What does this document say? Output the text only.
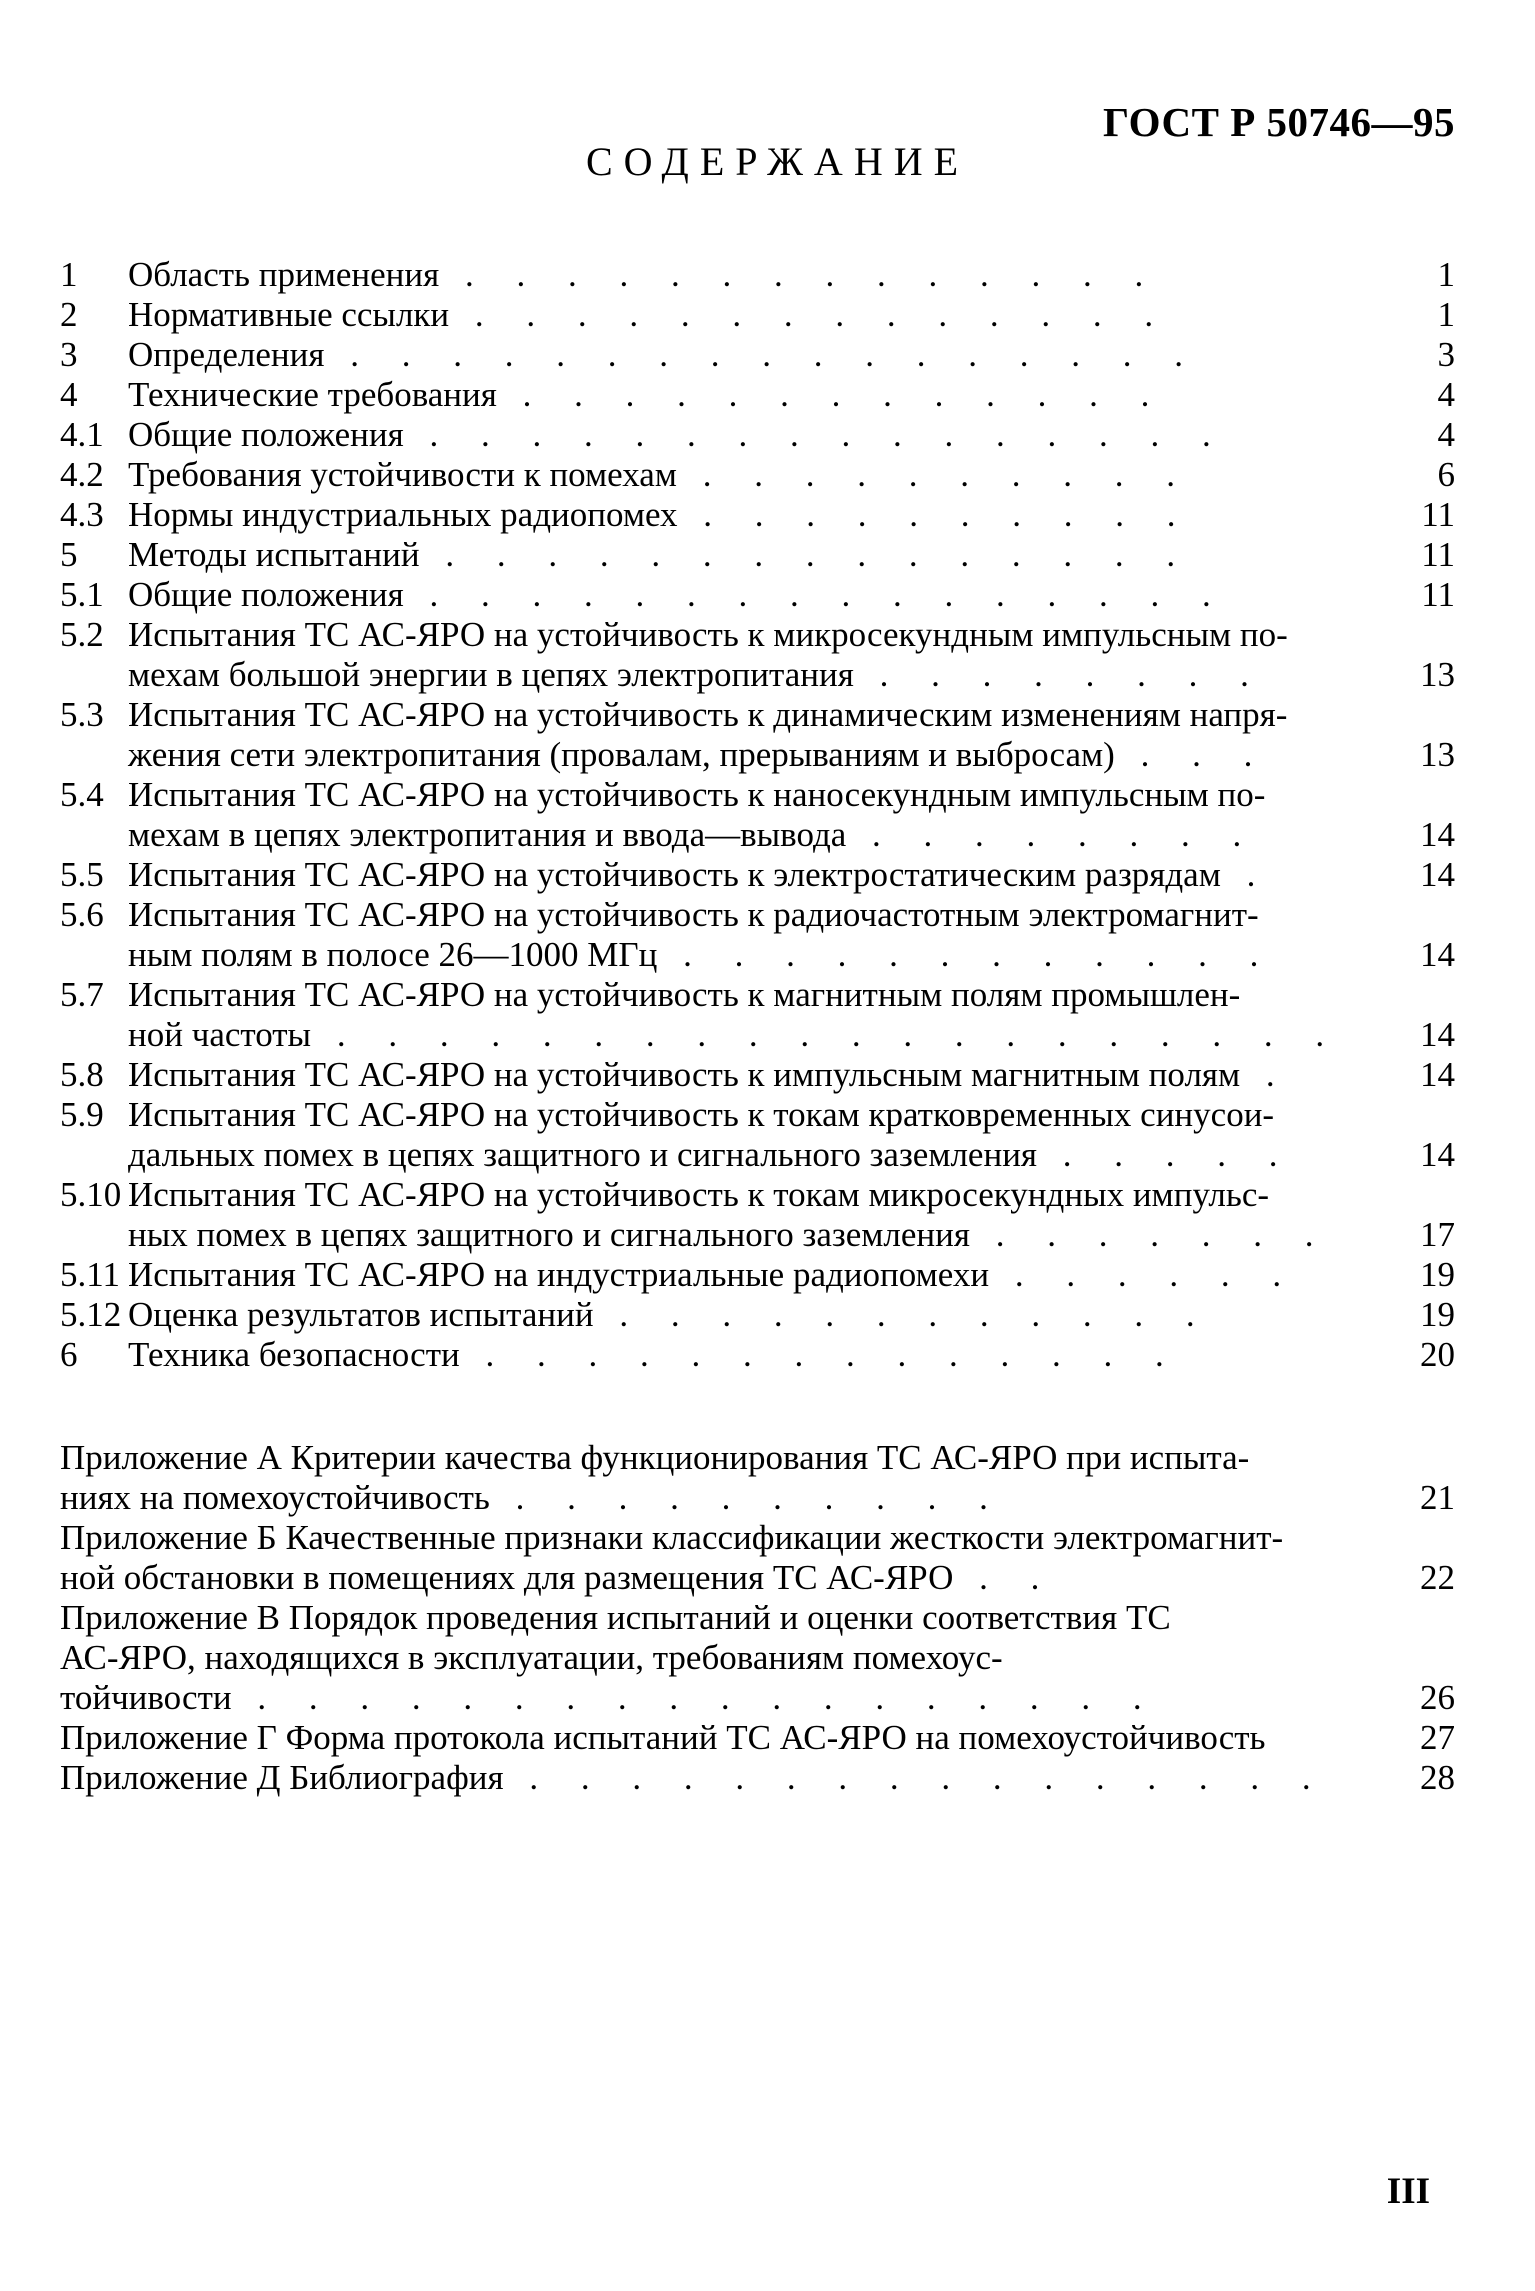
ГОСТ Р 50746—95
СОДЕРЖАНИЕ
1 Область применения . . . . . . . . . . . . . .	1
2 Нормативные ссылки . . . . . . . . . . . . . .	1
3 Определения . . . . . . . . . . . . . . . . .	3
4 Технические требования . . . . . . . . . . . . .	4
4.1 Общие положения . . . . . . . . . . . . . . . .	4
4.2 Требования устойчивости к помехам . . . . . . . . . .	6
4.3 Нормы индустриальных радиопомех . . . . . . . . . .	11
5 Методы испытаний . . . . . . . . . . . . . . .	11
5.1 Общие положения . . . . . . . . . . . . . . . .	11
5.2 Испытания ТС АС-ЯРО на устойчивость к микросекундным импульсным по-
мехам большой энергии в цепях электропитания . . . . . . . .	13
5.3 Испытания ТС АС-ЯРО на устойчивость к динамическим изменениям напря-
жения сети электропитания (провалам, прерываниям и выбросам) . . .	13
5.4 Испытания ТС АС-ЯРО на устойчивость к наносекундным импульсным по-
мехам в цепях электропитания и ввода—вывода . . . . . . . .	14
5.5 Испытания ТС АС-ЯРО на устойчивость к электростатическим разрядам .	14
5.6 Испытания ТС АС-ЯРО на устойчивость к радиочастотным электромагнит-
ным полям в полосе 26—1000 МГц . . . . . . . . . . . .	14
5.7 Испытания ТС АС-ЯРО на устойчивость к магнитным полям промышлен-
ной частоты . . . . . . . . . . . . . . . . . . . .	14
5.8 Испытания ТС АС-ЯРО на устойчивость к импульсным магнитным полям .	14
5.9 Испытания ТС АС-ЯРО на устойчивость к токам кратковременных синусои-
дальных помех в цепях защитного и сигнального заземления . . . . .	14
5.10 Испытания ТС АС-ЯРО на устойчивость к токам микросекундных импульс-
ных помех в цепях защитного и сигнального заземления . . . . . . .	17
5.11 Испытания ТС АС-ЯРО на индустриальные радиопомехи . . . . . .	19
5.12 Оценка результатов испытаний . . . . . . . . . . . .	19
6 Техника безопасности . . . . . . . . . . . . . .	20
Приложение А Критерии качества функционирования ТС АС-ЯРО при испыта-
ниях на помехоустойчивость . . . . . . . . . .	21
Приложение Б Качественные признаки классификации жесткости электромагнит-
ной обстановки в помещениях для размещения ТС АС-ЯРО . .	22
Приложение В Порядок проведения испытаний и оценки соответствия ТС
АС-ЯРО, находящихся в эксплуатации, требованиям помехоус-
тойчивости . . . . . . . . . . . . . . . . . .	26
Приложение Г Форма протокола испытаний ТС АС-ЯРО на помехоустойчивость	27
Приложение Д Библиография . . . . . . . . . . . . . . . .	28
III
